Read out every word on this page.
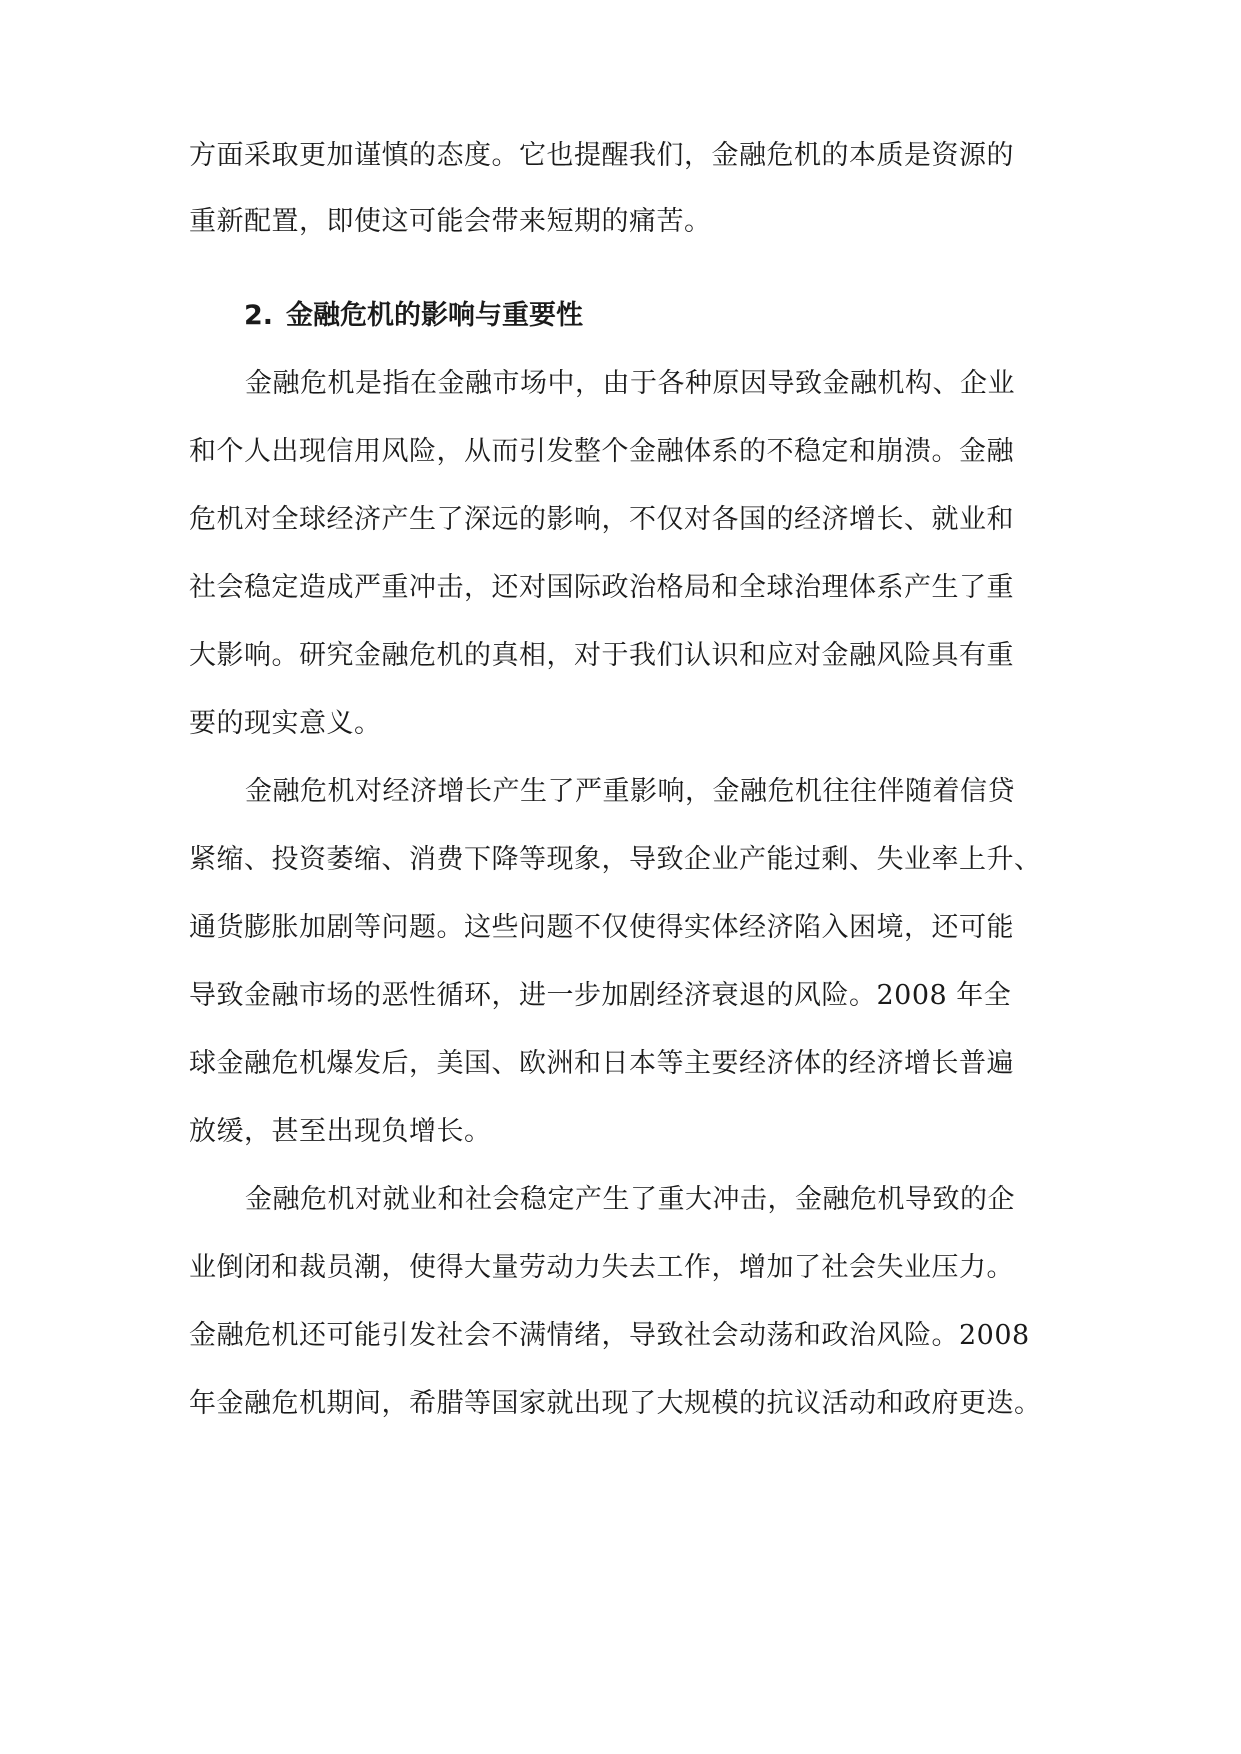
方面采取更加谨慎的态度。它也提醒我们，金融危机的本质是资源的
重新配置，即使这可能会带来短期的痛苦。
2. 金融危机的影响与重要性
金融危机是指在金融市场中，由于各种原因导致金融机构、企业
和个人出现信用风险，从而引发整个金融体系的不稳定和崩溃。金融
危机对全球经济产生了深远的影响，不仅对各国的经济增长、就业和
社会稳定造成严重冲击，还对国际政治格局和全球治理体系产生了重
大影响。研究金融危机的真相，对于我们认识和应对金融风险具有重
要的现实意义。
金融危机对经济增长产生了严重影响，金融危机往往伴随着信贷
紧缩、投资萎缩、消费下降等现象，导致企业产能过剩、失业率上升、
通货膨胀加剧等问题。这些问题不仅使得实体经济陷入困境，还可能
导致金融市场的恶性循环，进一步加剧经济衰退的风险。2008 年全
球金融危机爆发后，美国、欧洲和日本等主要经济体的经济增长普遍
放缓，甚至出现负增长。
金融危机对就业和社会稳定产生了重大冲击，金融危机导致的企
业倒闭和裁员潮，使得大量劳动力失去工作，增加了社会失业压力。
金融危机还可能引发社会不满情绪，导致社会动荡和政治风险。2008
年金融危机期间，希腊等国家就出现了大规模的抗议活动和政府更迭。
